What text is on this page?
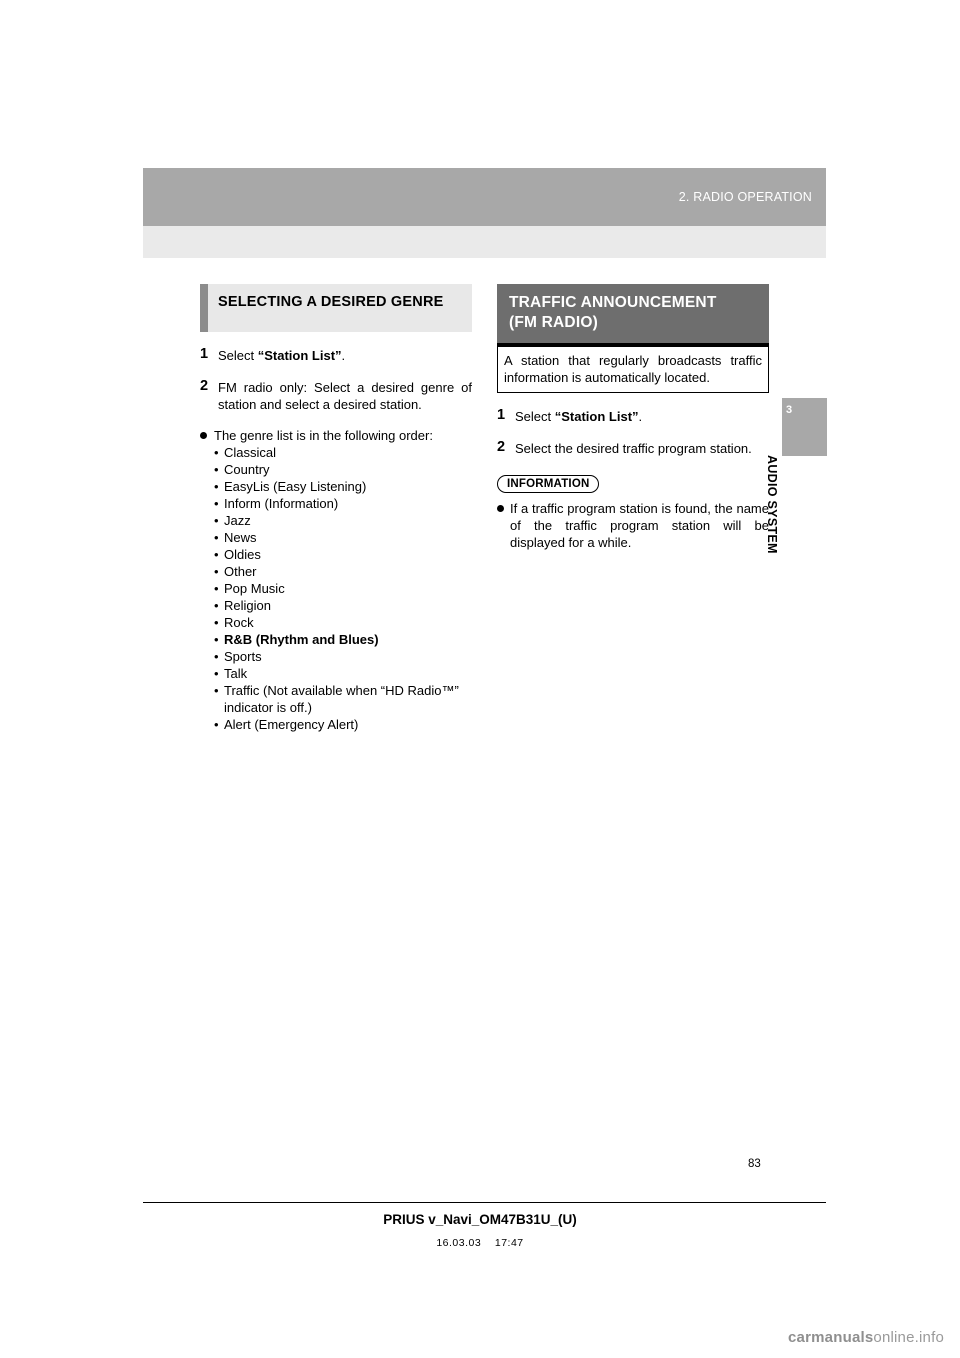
2. RADIO OPERATION
3
AUDIO SYSTEM
SELECTING A DESIRED GENRE
1 Select “Station List”.
2 FM radio only: Select a desired genre of station and select a desired station.
The genre list is in the following order:
• Classical
• Country
• EasyLis (Easy Listening)
• Inform (Information)
• Jazz
• News
• Oldies
• Other
• Pop Music
• Religion
• Rock
• R&B (Rhythm and Blues)
• Sports
• Talk
• Traffic (Not available when “HD Radio™” indicator is off.)
• Alert (Emergency Alert)
TRAFFIC ANNOUNCEMENT
(FM RADIO)
A station that regularly broadcasts traffic information is automatically located.
1 Select “Station List”.
2 Select the desired traffic program station.
INFORMATION
If a traffic program station is found, the name of the traffic program station will be displayed for a while.
83
PRIUS v_Navi_OM47B31U_(U)
16.03.03 17:47
carmanualsonline.info
